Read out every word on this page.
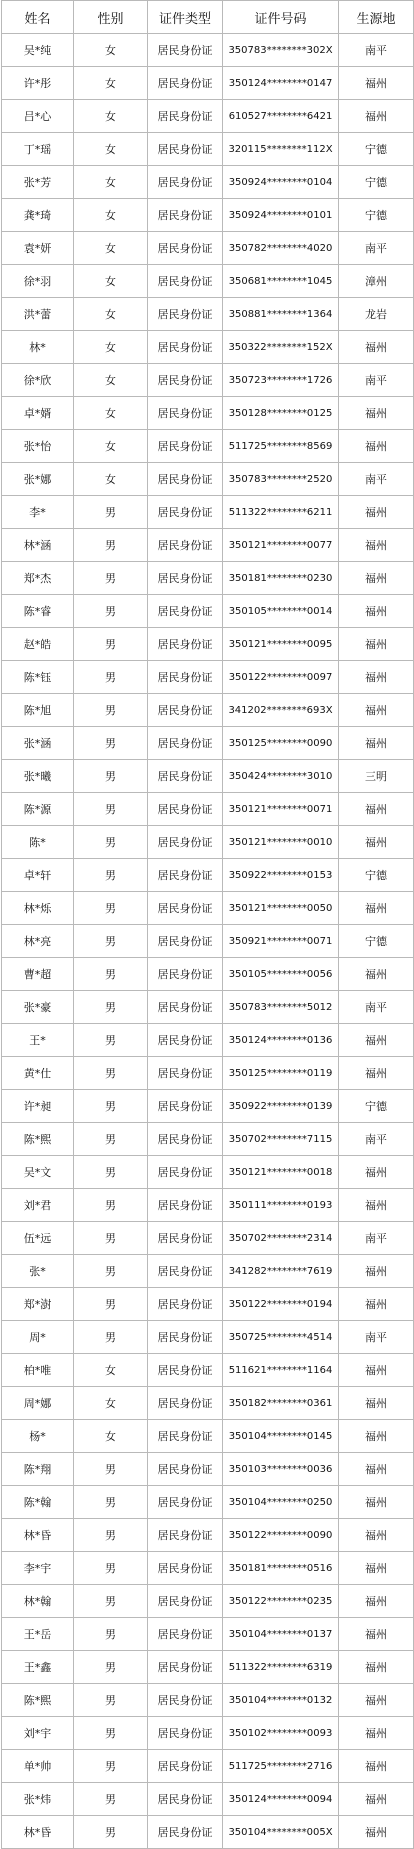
姓名	性别	证件类型	证件号码	生源地
吴*纯	女	居民身份证	350783********302X	南平
许*彤	女	居民身份证	350124********0147	福州
吕*心	女	居民身份证	610527********6421	福州
丁*瑶	女	居民身份证	320115********112X	宁德
张*芳	女	居民身份证	350924********0104	宁德
龚*琦	女	居民身份证	350924********0101	宁德
袁*妍	女	居民身份证	350782********4020	南平
徐*羽	女	居民身份证	350681********1045	漳州
洪*蕾	女	居民身份证	350881********1364	龙岩
林*	女	居民身份证	350322********152X	福州
徐*欣	女	居民身份证	350723********1726	南平
卓*婿	女	居民身份证	350128********0125	福州
张*怡	女	居民身份证	511725********8569	福州
张*娜	女	居民身份证	350783********2520	南平
李*	男	居民身份证	511322********6211	福州
林*涵	男	居民身份证	350121********0077	福州
郑*杰	男	居民身份证	350181********0230	福州
陈*睿	男	居民身份证	350105********0014	福州
赵*皓	男	居民身份证	350121********0095	福州
陈*钰	男	居民身份证	350122********0097	福州
陈*旭	男	居民身份证	341202********693X	福州
张*涵	男	居民身份证	350125********0090	福州
张*曦	男	居民身份证	350424********3010	三明
陈*源	男	居民身份证	350121********0071	福州
陈*	男	居民身份证	350121********0010	福州
卓*轩	男	居民身份证	350922********0153	宁德
林*烁	男	居民身份证	350121********0050	福州
林*亮	男	居民身份证	350921********0071	宁德
曹*超	男	居民身份证	350105********0056	福州
张*豪	男	居民身份证	350783********5012	南平
王*	男	居民身份证	350124********0136	福州
黄*仕	男	居民身份证	350125********0119	福州
许*昶	男	居民身份证	350922********0139	宁德
陈*熙	男	居民身份证	350702********7115	南平
吴*文	男	居民身份证	350121********0018	福州
刘*君	男	居民身份证	350111********0193	福州
伍*远	男	居民身份证	350702********2314	南平
张*	男	居民身份证	341282********7619	福州
郑*澍	男	居民身份证	350122********0194	福州
周*	男	居民身份证	350725********4514	南平
柏*唯	女	居民身份证	511621********1164	福州
周*娜	女	居民身份证	350182********0361	福州
杨*	女	居民身份证	350104********0145	福州
陈*翔	男	居民身份证	350103********0036	福州
陈*翰	男	居民身份证	350104********0250	福州
林*昏	男	居民身份证	350122********0090	福州
李*宇	男	居民身份证	350181********0516	福州
林*翰	男	居民身份证	350122********0235	福州
王*岳	男	居民身份证	350104********0137	福州
王*鑫	男	居民身份证	511322********6319	福州
陈*熙	男	居民身份证	350104********0132	福州
刘*宇	男	居民身份证	350102********0093	福州
单*帅	男	居民身份证	511725********2716	福州
张*炜	男	居民身份证	350124********0094	福州
林*昏	男	居民身份证	350104********005X	福州
